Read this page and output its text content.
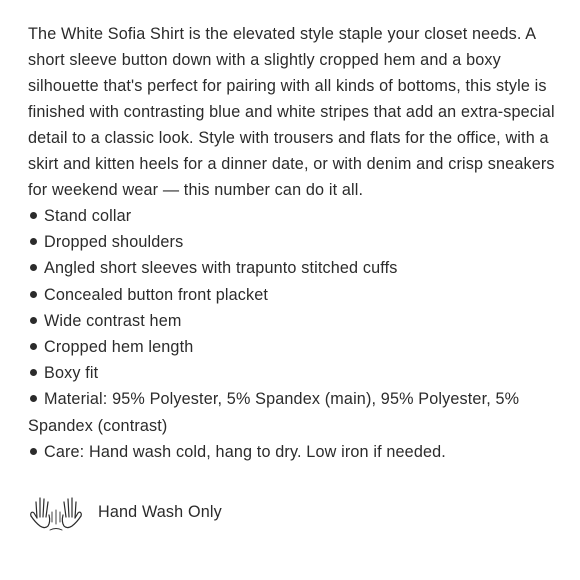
The White Sofia Shirt is the elevated style staple your closet needs. A short sleeve button down with a slightly cropped hem and a boxy silhouette that's perfect for pairing with all kinds of bottoms, this style is finished with contrasting blue and white stripes that add an extra-special detail to a classic look. Style with trousers and flats for the office, with a skirt and kitten heels for a dinner date, or with denim and crisp sneakers for weekend wear — this number can do it all.

Stand collar
Dropped shoulders
Angled short sleeves with trapunto stitched cuffs
Concealed button front placket
Wide contrast hem
Cropped hem length
Boxy fit
Material: 95% Polyester, 5% Spandex (main), 95% Polyester, 5% Spandex (contrast)
Care: Hand wash cold, hang to dry. Low iron if needed.
Hand Wash Only
